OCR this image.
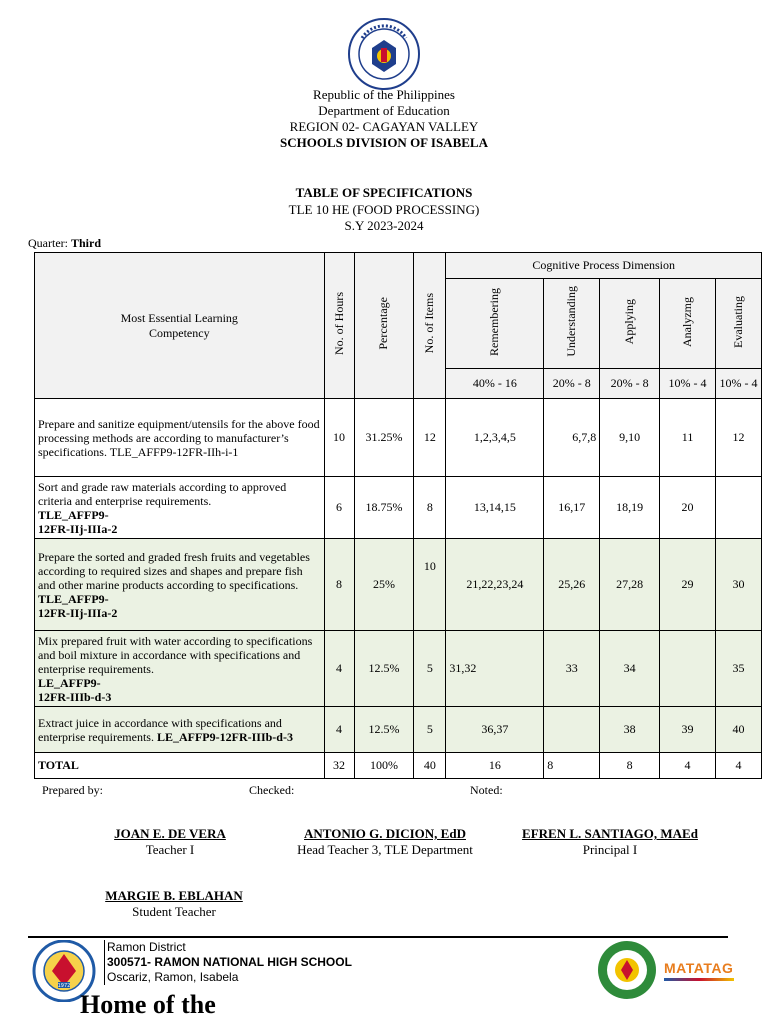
Republic of the Philippines
Department of Education
REGION 02- CAGAYAN VALLEY
SCHOOLS DIVISION OF ISABELA
TABLE OF SPECIFICATIONS
TLE 10 HE (FOOD PROCESSING)
S.Y 2023-2024
Quarter: Third
Most Essential Learning Competency	No. of Hours	Percentage	No. of Items	Cognitive Process Dimension				
				Remembering	Understanding	Applying	Analyzmg	Evaluating
				40% - 16	20% - 8	20% - 8	10% - 4	10% - 4
Prepare and sanitize equipment/utensils for the above food processing methods are according to manufacturer’s specifications. TLE_AFFP9-12FR-IIh-i-1	10	31.25%	12	1,2,3,4,5	6,7,8	9,10	11	12
Sort and grade raw materials according to approved criteria and enterprise requirements.
TLE_AFFP9-12FR-IIj-IIIa-2	6	18.75%	8	13,14,15	16,17	18,19	20	
Prepare the sorted and graded fresh fruits and vegetables according to required sizes and shapes and prepare fish and other marine products according to specifications.
TLE_AFFP9-12FR-IIj-IIIa-2	8	25%	10	21,22,23,24	25,26	27,28	29	30
Mix prepared fruit with water according to specifications and boil mixture in accordance with specifications and enterprise requirements.
LE_AFFP9-12FR-IIIb-d-3	4	12.5%	5	31,32	33	34		35
Extract juice in accordance with specifications and enterprise requirements. LE_AFFP9-12FR-IIIb-d-3	4	12.5%	5	36,37		38	39	40
TOTAL	32	100%	40	16	8	8	4	4
Prepared by:	Checked:	Noted:
JOAN E. DE VERA
Teacher I
ANTONIO G. DICION, EdD
Head Teacher 3, TLE Department
EFREN L. SANTIAGO, MAEd
Principal I
MARGIE B. EBLAHAN
Student Teacher
1972
Ramon District
300571- RAMON NATIONAL HIGH SCHOOL
Oscariz, Ramon, Isabela
Home of the
MATATAG
